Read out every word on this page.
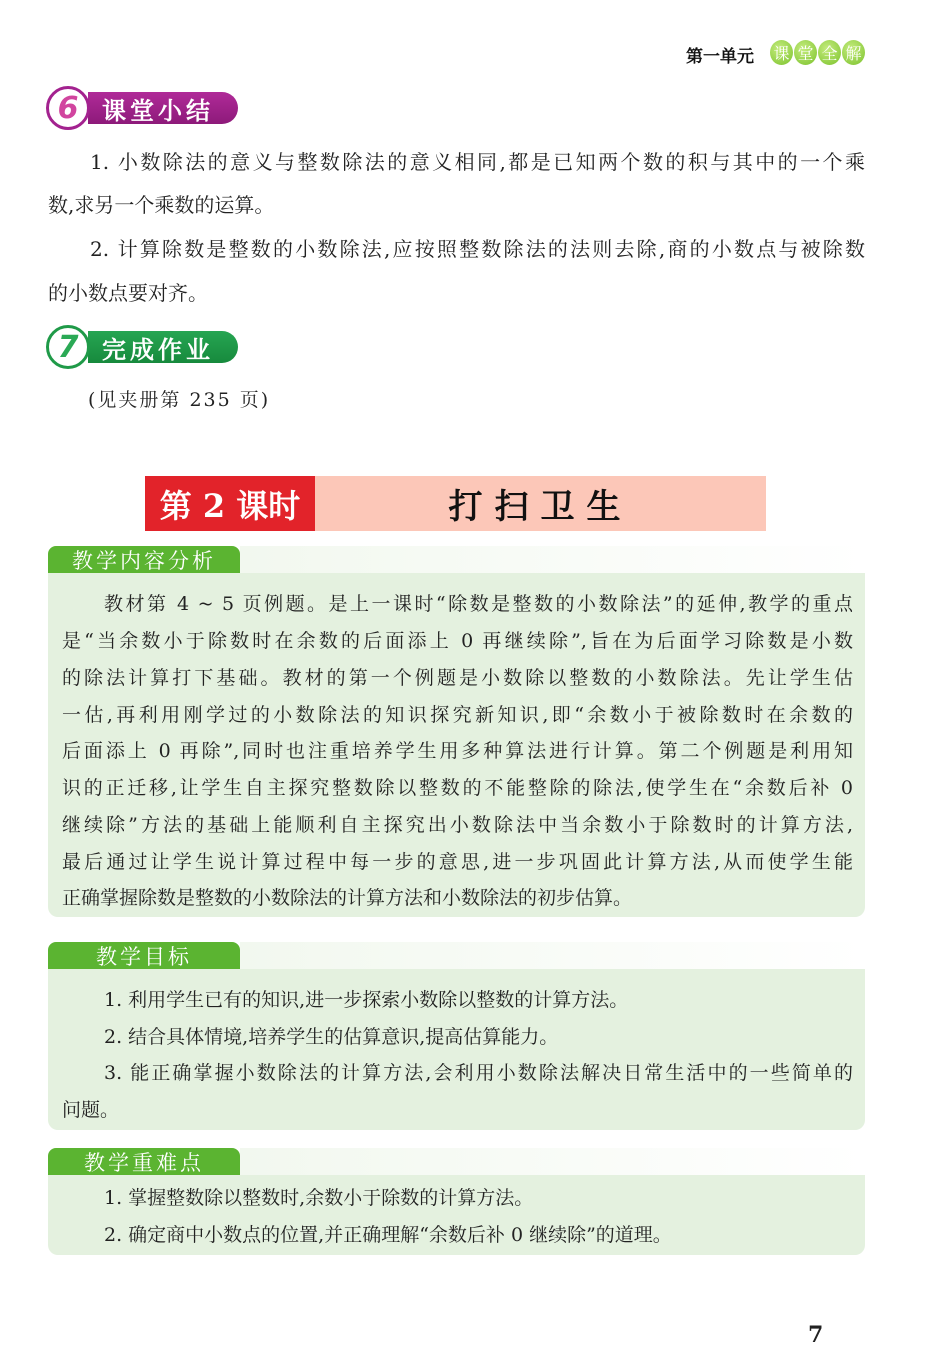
第一单元 课 堂 全 解
6 课堂小结
1. 小数除法的意义与整数除法的意义相同,都是已知两个数的积与其中的一个乘
数,求另一个乘数的运算。
2. 计算除数是整数的小数除法,应按照整数除法的法则去除,商的小数点与被除数
的小数点要对齐。
7 完成作业
(见夹册第 235 页)
第 2 课时	打扫卫生
教学内容分析
教材第 4 ~ 5 页例题。是上一课时“除数是整数的小数除法”的延伸,教学的重点
是“当余数小于除数时在余数的后面添上 0 再继续除”,旨在为后面学习除数是小数
的除法计算打下基础。教材的第一个例题是小数除以整数的小数除法。先让学生估
一估,再利用刚学过的小数除法的知识探究新知识,即“余数小于被除数时在余数的
后面添上 0 再除”,同时也注重培养学生用多种算法进行计算。第二个例题是利用知
识的正迁移,让学生自主探究整数除以整数的不能整除的除法,使学生在“余数后补 0
继续除”方法的基础上能顺利自主探究出小数除法中当余数小于除数时的计算方法,
最后通过让学生说计算过程中每一步的意思,进一步巩固此计算方法,从而使学生能
正确掌握除数是整数的小数除法的计算方法和小数除法的初步估算。
教学目标
1. 利用学生已有的知识,进一步探索小数除以整数的计算方法。
2. 结合具体情境,培养学生的估算意识,提高估算能力。
3. 能正确掌握小数除法的计算方法,会利用小数除法解决日常生活中的一些简单的
问题。
教学重难点
1. 掌握整数除以整数时,余数小于除数的计算方法。
2. 确定商中小数点的位置,并正确理解“余数后补 0 继续除”的道理。
7
